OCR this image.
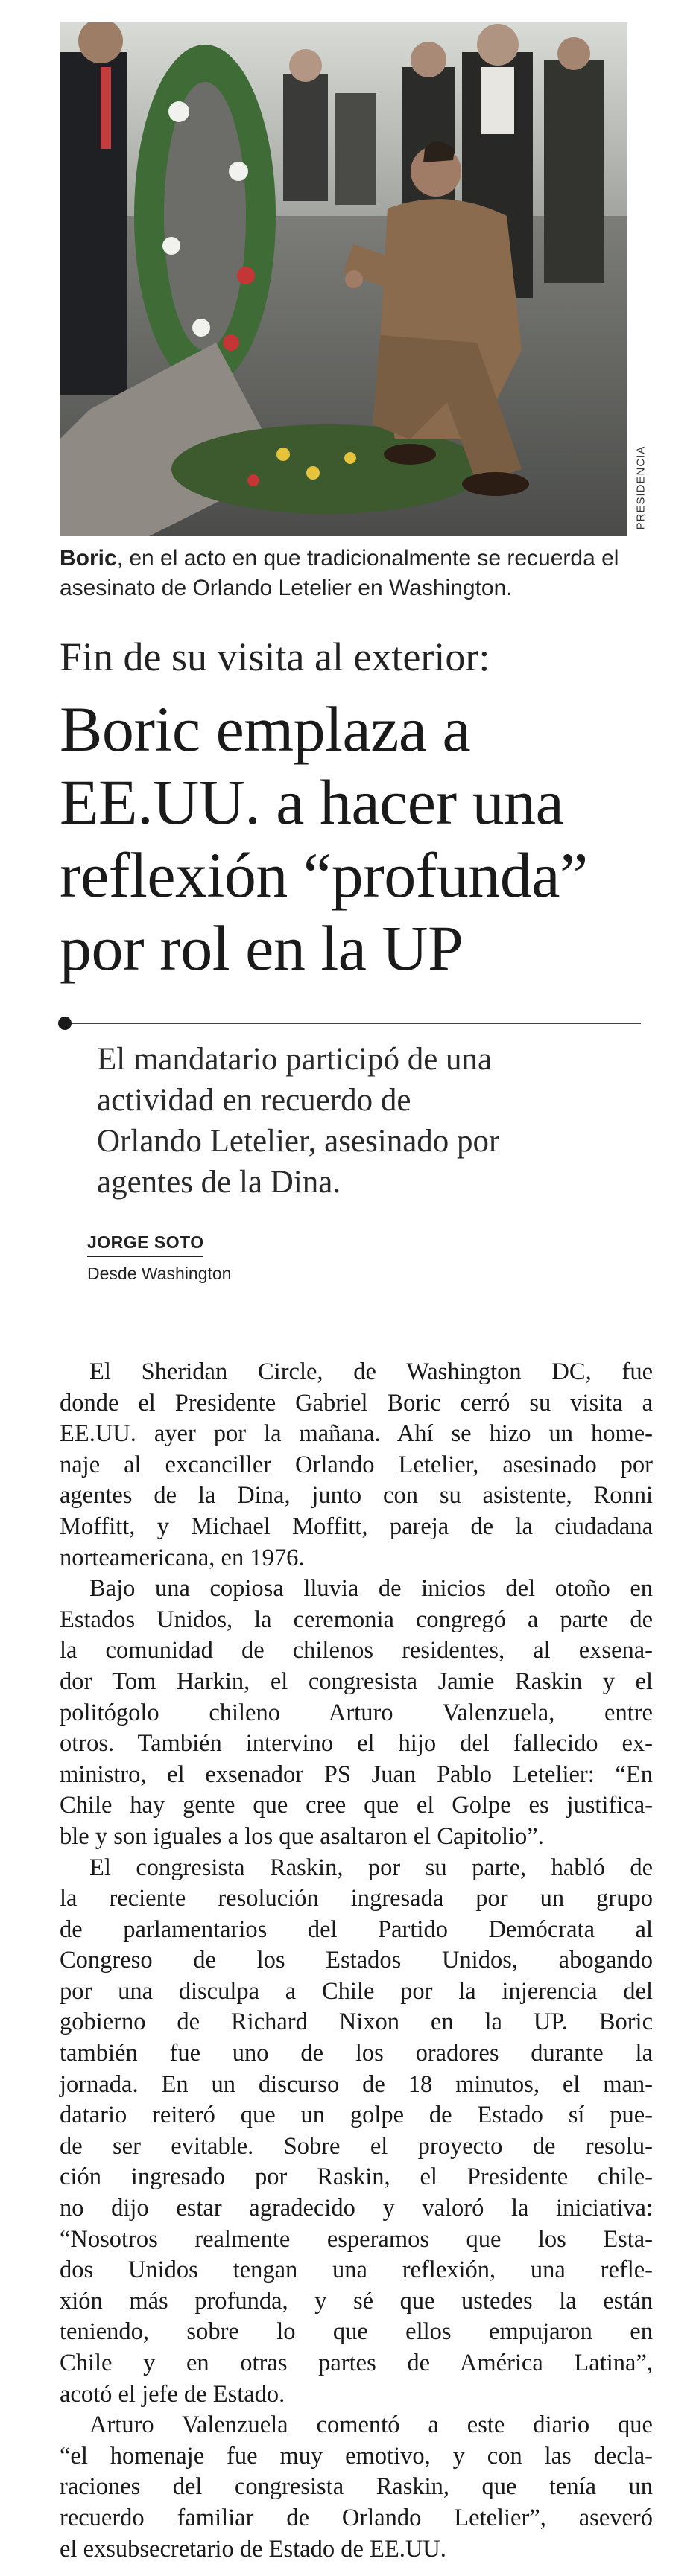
PRESIDENCIA
Boric, en el acto en que tradicionalmente se recuerda el asesinato de Orlando Letelier en Washington.
Fin de su visita al exterior:
Boric emplaza a
EE.UU. a hacer una
reflexión “profunda”
por rol en la UP
El mandatario participó de una
actividad en recuerdo de
Orlando Letelier, asesinado por
agentes de la Dina.
JORGE SOTO
Desde Washington
El Sheridan Circle, de Washington DC, fue
donde el Presidente Gabriel Boric cerró su visita a
EE.UU. ayer por la mañana. Ahí se hizo un home-
naje al excanciller Orlando Letelier, asesinado por
agentes de la Dina, junto con su asistente, Ronni
Moffitt, y Michael Moffitt, pareja de la ciudadana
norteamericana, en 1976.
Bajo una copiosa lluvia de inicios del otoño en
Estados Unidos, la ceremonia congregó a parte de
la comunidad de chilenos residentes, al exsena-
dor Tom Harkin, el congresista Jamie Raskin y el
politógolo chileno Arturo Valenzuela, entre
otros. También intervino el hijo del fallecido ex-
ministro, el exsenador PS Juan Pablo Letelier: “En
Chile hay gente que cree que el Golpe es justifica-
ble y son iguales a los que asaltaron el Capitolio”.
El congresista Raskin, por su parte, habló de
la reciente resolución ingresada por un grupo
de parlamentarios del Partido Demócrata al
Congreso de los Estados Unidos, abogando
por una disculpa a Chile por la injerencia del
gobierno de Richard Nixon en la UP. Boric
también fue uno de los oradores durante la
jornada. En un discurso de 18 minutos, el man-
datario reiteró que un golpe de Estado sí pue-
de ser evitable. Sobre el proyecto de resolu-
ción ingresado por Raskin, el Presidente chile-
no dijo estar agradecido y valoró la iniciativa:
“Nosotros realmente esperamos que los Esta-
dos Unidos tengan una reflexión, una refle-
xión más profunda, y sé que ustedes la están
teniendo, sobre lo que ellos empujaron en
Chile y en otras partes de América Latina”,
acotó el jefe de Estado.
Arturo Valenzuela comentó a este diario que
“el homenaje fue muy emotivo, y con las decla-
raciones del congresista Raskin, que tenía un
recuerdo familiar de Orlando Letelier”, aseveró
el exsubsecretario de Estado de EE.UU.
